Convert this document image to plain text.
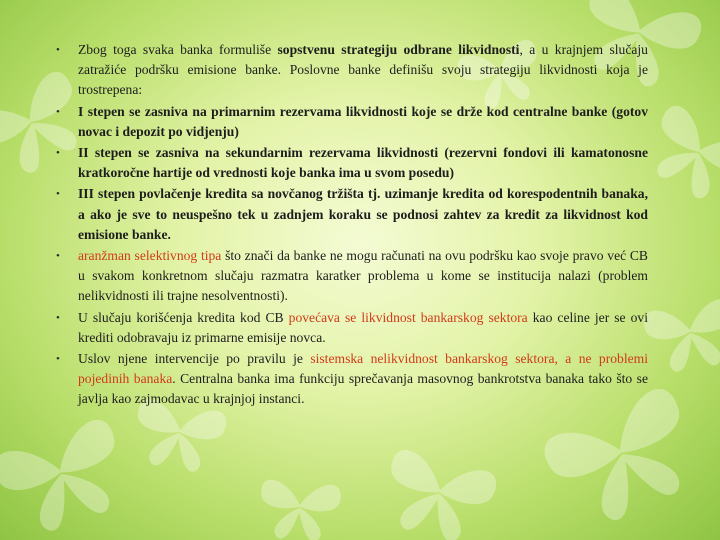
• Zbog toga svaka banka formuliše sopstvenu strategiju odbrane likvidnosti, a u krajnjem slučaju zatražiće podršku emisione banke. Poslovne banke definišu svoju strategiju likvidnosti koja je trostrepena:
• I stepen se zasniva na primarnim rezervama likvidnosti koje se drže kod centralne banke (gotov novac i depozit po vidjenju)
• II stepen se zasniva na sekundarnim rezervama likvidnosti (rezervni fondovi ili kamatonosne kratkoročne hartije od vrednosti koje banka ima u svom posedu)
• III stepen povlačenje kredita sa novčanog tržišta tj. uzimanje kredita od korespodentnih banaka, a ako je sve to neuspešno tek u zadnjem koraku se podnosi zahtev za kredit za likvidnost kod emisione banke.
• aranžman selektivnog tipa što znači da banke ne mogu računati na ovu podršku kao svoje pravo već CB u svakom konkretnom slučaju razmatra karatker problema u kome se institucija nalazi (problem nelikvidnosti ili trajne nesolventnosti).
• U slučaju korišćenja kredita kod CB povećava se likvidnost bankarskog sektora kao celine jer se ovi krediti odobravaju iz primarne emisije novca.
• Uslov njene intervencije po pravilu je sistemska nelikvidnost bankarskog sektora, a ne problemi pojedinih banaka. Centralna banka ima funkciju sprečavanja masovnog bankrotstva banaka tako što se javlja kao zajmodavac u krajnjoj instanci.
